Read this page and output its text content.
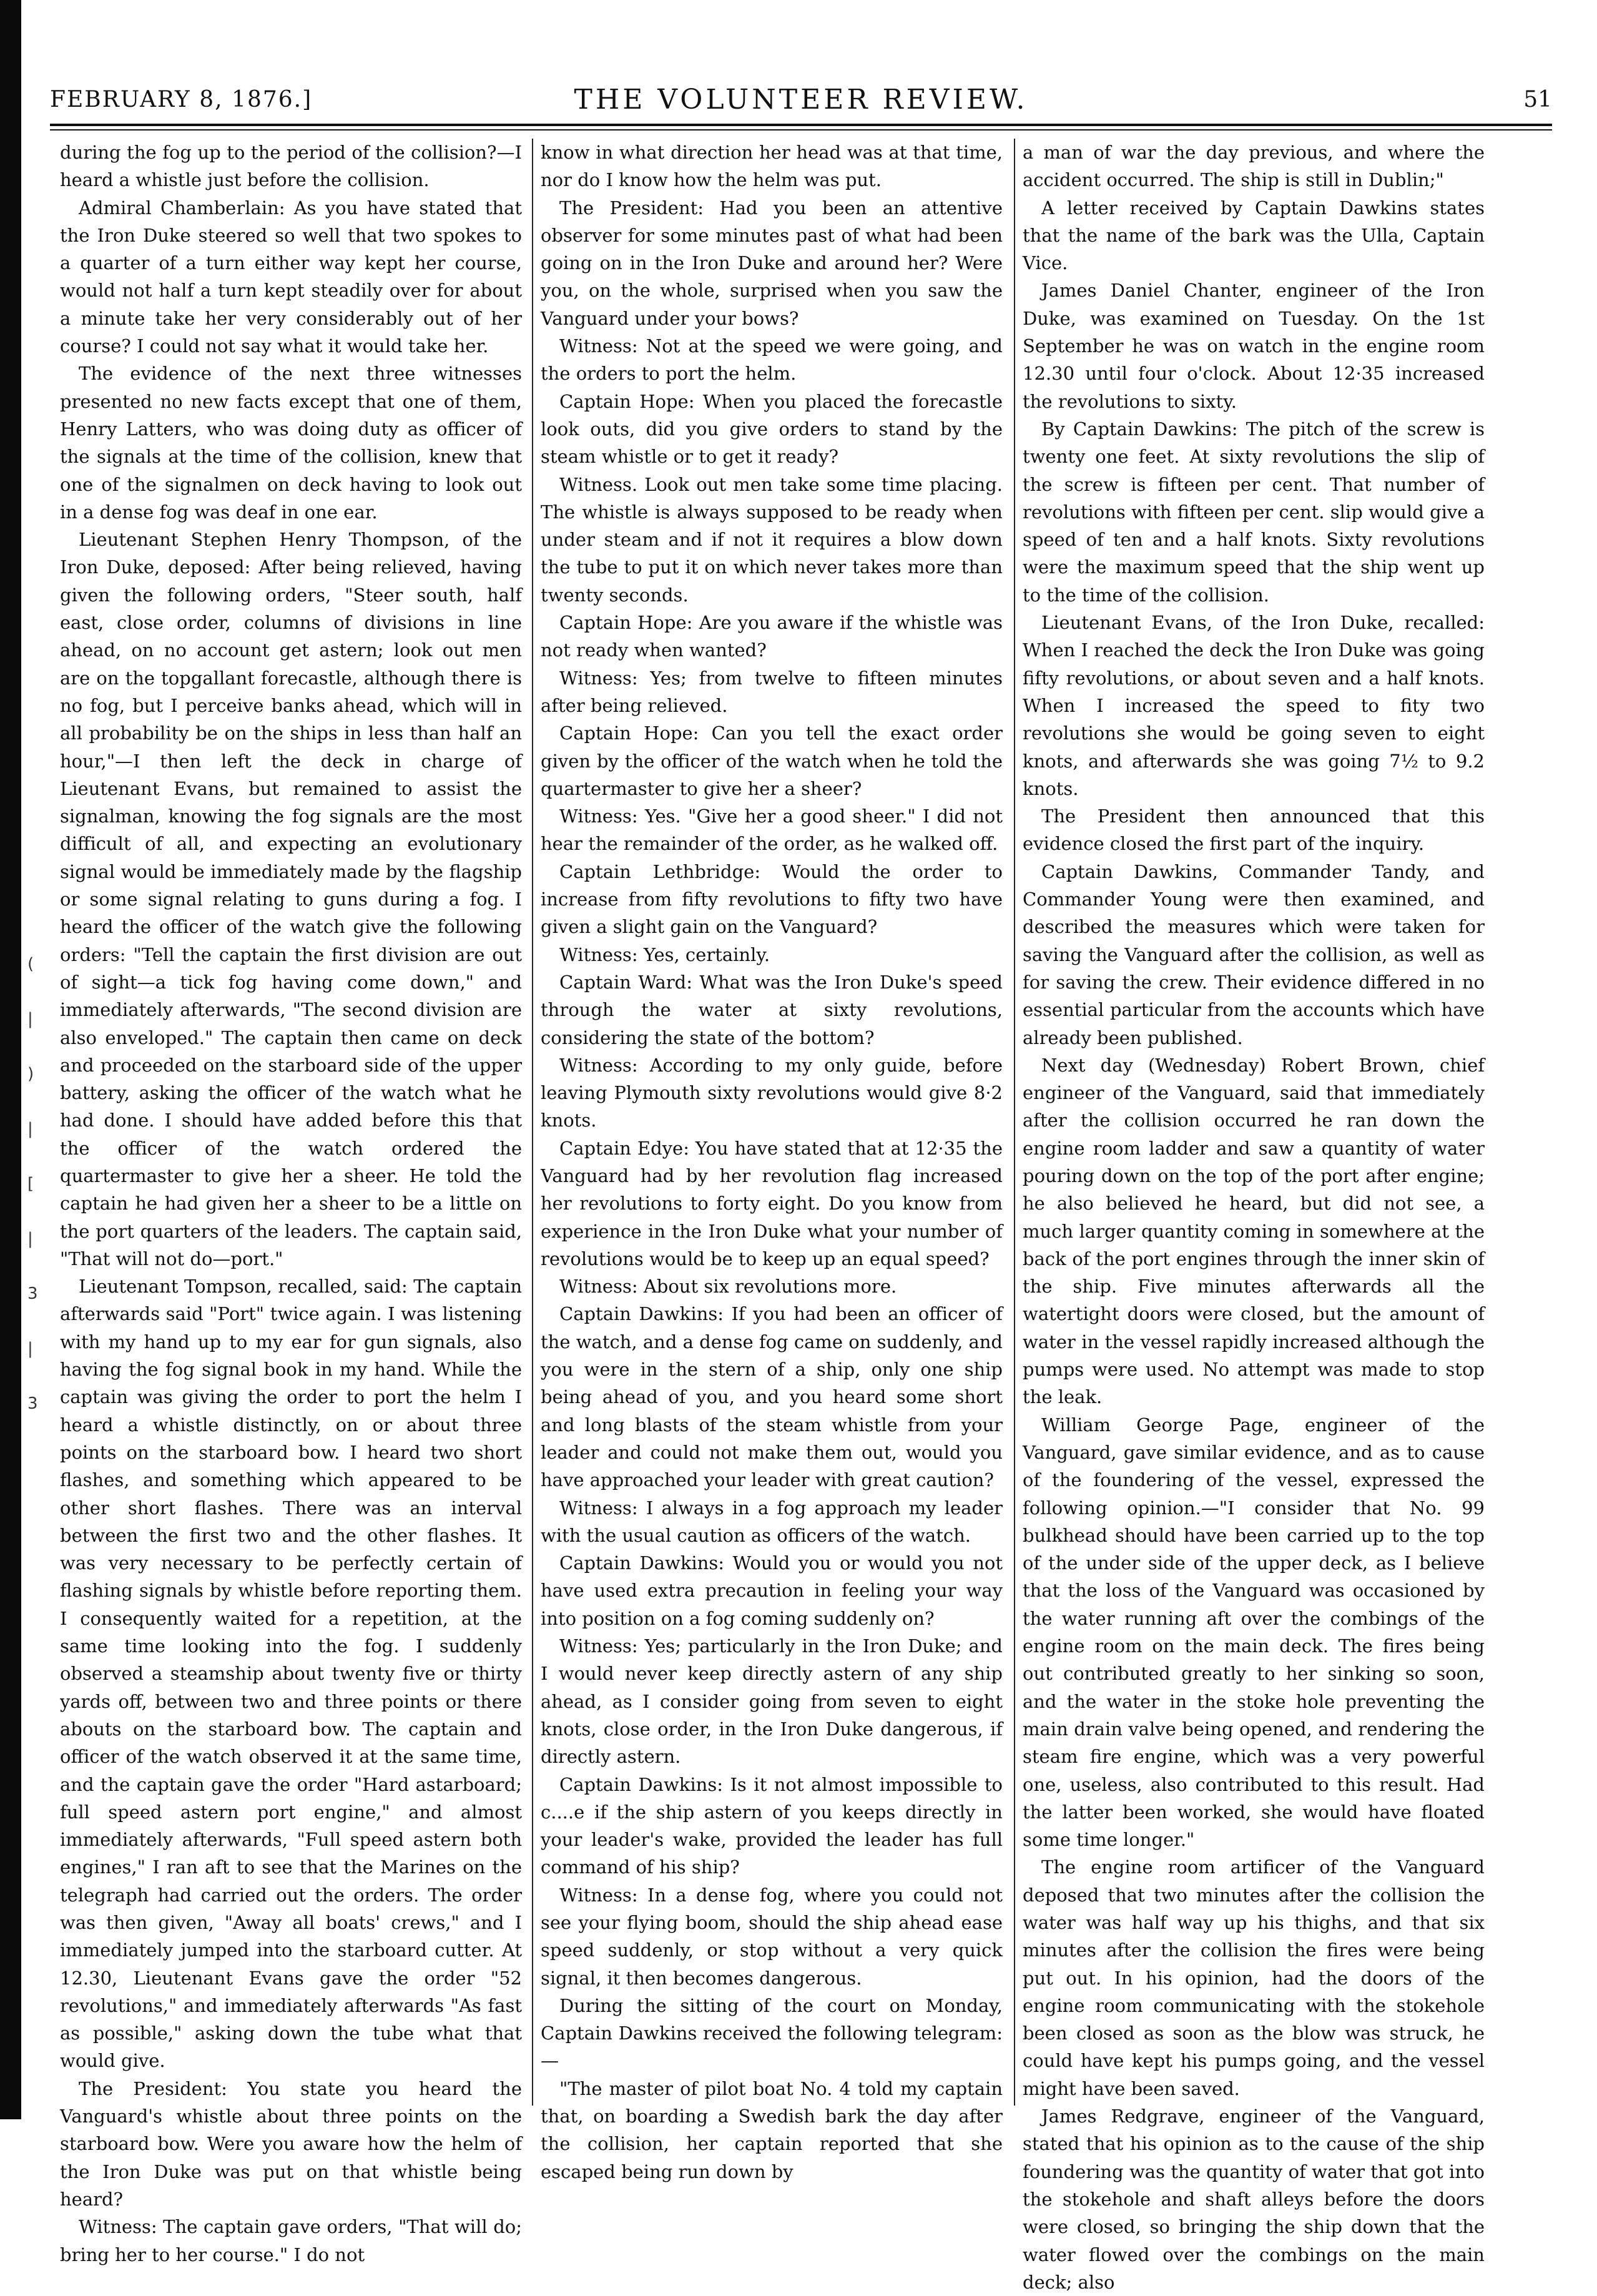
(
|
)
|
[
|
3
|
3
FEBRUARY 8, 1876.]	THE VOLUNTEER REVIEW.	51

during the fog up to the period of the collision?—I heard a whistle just before the collision.

Admiral Chamberlain: As you have stated that the Iron Duke steered so well that two spokes to a quarter of a turn either way kept her course, would not half a turn kept steadily over for about a minute take her very considerably out of her course? I could not say what it would take her.

The evidence of the next three witnesses presented no new facts except that one of them, Henry Latters, who was doing duty as officer of the signals at the time of the collision, knew that one of the signalmen on deck having to look out in a dense fog was deaf in one ear.

Lieutenant Stephen Henry Thompson, of the Iron Duke, deposed: After being relieved, having given the following orders, "Steer south, half east, close order, columns of divisions in line ahead, on no account get astern; look out men are on the topgallant forecastle, although there is no fog, but I perceive banks ahead, which will in all probability be on the ships in less than half an hour,"—I then left the deck in charge of Lieutenant Evans, but remained to assist the signalman, knowing the fog signals are the most difficult of all, and expecting an evolutionary signal would be immediately made by the flagship or some signal relating to guns during a fog. I heard the officer of the watch give the following orders: "Tell the captain the first division are out of sight—a tick fog having come down," and immediately afterwards, "The second division are also enveloped." The captain then came on deck and proceeded on the starboard side of the upper battery, asking the officer of the watch what he had done. I should have added before this that the officer of the watch ordered the quartermaster to give her a sheer. He told the captain he had given her a sheer to be a little on the port quarters of the leaders. The captain said, "That will not do—port."

Lieutenant Tompson, recalled, said: The captain afterwards said "Port" twice again. I was listening with my hand up to my ear for gun signals, also having the fog signal book in my hand. While the captain was giving the order to port the helm I heard a whistle distinctly, on or about three points on the starboard bow. I heard two short flashes, and something which appeared to be other short flashes. There was an interval between the first two and the other flashes. It was very necessary to be perfectly certain of flashing signals by whistle before reporting them. I consequently waited for a repetition, at the same time looking into the fog. I suddenly observed a steamship about twenty five or thirty yards off, between two and three points or there abouts on the starboard bow. The captain and officer of the watch observed it at the same time, and the captain gave the order "Hard astarboard; full speed astern port engine," and almost immediately afterwards, "Full speed astern both engines," I ran aft to see that the Marines on the telegraph had carried out the orders. The order was then given, "Away all boats' crews," and I immediately jumped into the starboard cutter. At 12.30, Lieutenant Evans gave the order "52 revolutions," and immediately afterwards "As fast as possible," asking down the tube what that would give.

The President: You state you heard the Vanguard's whistle about three points on the starboard bow. Were you aware how the helm of the Iron Duke was put on that whistle being heard?

Witness: The captain gave orders, "That will do; bring her to her course." I do not

know in what direction her head was at that time, nor do I know how the helm was put.

The President: Had you been an attentive observer for some minutes past of what had been going on in the Iron Duke and around her? Were you, on the whole, surprised when you saw the Vanguard under your bows?

Witness: Not at the speed we were going, and the orders to port the helm.

Captain Hope: When you placed the forecastle look outs, did you give orders to stand by the steam whistle or to get it ready?

Witness. Look out men take some time placing. The whistle is always supposed to be ready when under steam and if not it requires a blow down the tube to put it on which never takes more than twenty seconds.

Captain Hope: Are you aware if the whistle was not ready when wanted?

Witness: Yes; from twelve to fifteen minutes after being relieved.

Captain Hope: Can you tell the exact order given by the officer of the watch when he told the quartermaster to give her a sheer?

Witness: Yes. "Give her a good sheer." I did not hear the remainder of the order, as he walked off.

Captain Lethbridge: Would the order to increase from fifty revolutions to fifty two have given a slight gain on the Vanguard?

Witness: Yes, certainly.

Captain Ward: What was the Iron Duke's speed through the water at sixty revolutions, considering the state of the bottom?

Witness: According to my only guide, before leaving Plymouth sixty revolutions would give 8·2 knots.

Captain Edye: You have stated that at 12·35 the Vanguard had by her revolution flag increased her revolutions to forty eight. Do you know from experience in the Iron Duke what your number of revolutions would be to keep up an equal speed?

Witness: About six revolutions more.

Captain Dawkins: If you had been an officer of the watch, and a dense fog came on suddenly, and you were in the stern of a ship, only one ship being ahead of you, and you heard some short and long blasts of the steam whistle from your leader and could not make them out, would you have approached your leader with great caution?

Witness: I always in a fog approach my leader with the usual caution as officers of the watch.

Captain Dawkins: Would you or would you not have used extra precaution in feeling your way into position on a fog coming suddenly on?

Witness: Yes; particularly in the Iron Duke; and I would never keep directly astern of any ship ahead, as I consider going from seven to eight knots, close order, in the Iron Duke dangerous, if directly astern.

Captain Dawkins: Is it not almost impossible to c....e if the ship astern of you keeps directly in your leader's wake, provided the leader has full command of his ship?

Witness: In a dense fog, where you could not see your flying boom, should the ship ahead ease speed suddenly, or stop without a very quick signal, it then becomes dangerous.

During the sitting of the court on Monday, Captain Dawkins received the following telegram:—

"The master of pilot boat No. 4 told my captain that, on boarding a Swedish bark the day after the collision, her captain reported that she escaped being run down by

a man of war the day previous, and where the accident occurred. The ship is still in Dublin;"

A letter received by Captain Dawkins states that the name of the bark was the Ulla, Captain Vice.

James Daniel Chanter, engineer of the Iron Duke, was examined on Tuesday. On the 1st September he was on watch in the engine room 12.30 until four o'clock. About 12·35 increased the revolutions to sixty.

By Captain Dawkins: The pitch of the screw is twenty one feet. At sixty revolutions the slip of the screw is fifteen per cent. That number of revolutions with fifteen per cent. slip would give a speed of ten and a half knots. Sixty revolutions were the maximum speed that the ship went up to the time of the collision.

Lieutenant Evans, of the Iron Duke, recalled: When I reached the deck the Iron Duke was going fifty revolutions, or about seven and a half knots. When I increased the speed to fity two revolutions she would be going seven to eight knots, and afterwards she was going 7½ to 9.2 knots.

The President then announced that this evidence closed the first part of the inquiry.

Captain Dawkins, Commander Tandy, and Commander Young were then examined, and described the measures which were taken for saving the Vanguard after the collision, as well as for saving the crew. Their evidence differed in no essential particular from the accounts which have already been published.

Next day (Wednesday) Robert Brown, chief engineer of the Vanguard, said that immediately after the collision occurred he ran down the engine room ladder and saw a quantity of water pouring down on the top of the port after engine; he also believed he heard, but did not see, a much larger quantity coming in somewhere at the back of the port engines through the inner skin of the ship. Five minutes afterwards all the watertight doors were closed, but the amount of water in the vessel rapidly increased although the pumps were used. No attempt was made to stop the leak.

William George Page, engineer of the Vanguard, gave similar evidence, and as to cause of the foundering of the vessel, expressed the following opinion.—"I consider that No. 99 bulkhead should have been carried up to the top of the under side of the upper deck, as I believe that the loss of the Vanguard was occasioned by the water running aft over the combings of the engine room on the main deck. The fires being out contributed greatly to her sinking so soon, and the water in the stoke hole preventing the main drain valve being opened, and rendering the steam fire engine, which was a very powerful one, useless, also contributed to this result. Had the latter been worked, she would have floated some time longer."

The engine room artificer of the Vanguard deposed that two minutes after the collision the water was half way up his thighs, and that six minutes after the collision the fires were being put out. In his opinion, had the doors of the engine room communicating with the stokehole been closed as soon as the blow was struck, he could have kept his pumps going, and the vessel might have been saved.

James Redgrave, engineer of the Vanguard, stated that his opinion as to the cause of the ship foundering was the quantity of water that got into the stokehole and shaft alleys before the doors were closed, so bringing the ship down that the water flowed over the combings on the main deck; also
